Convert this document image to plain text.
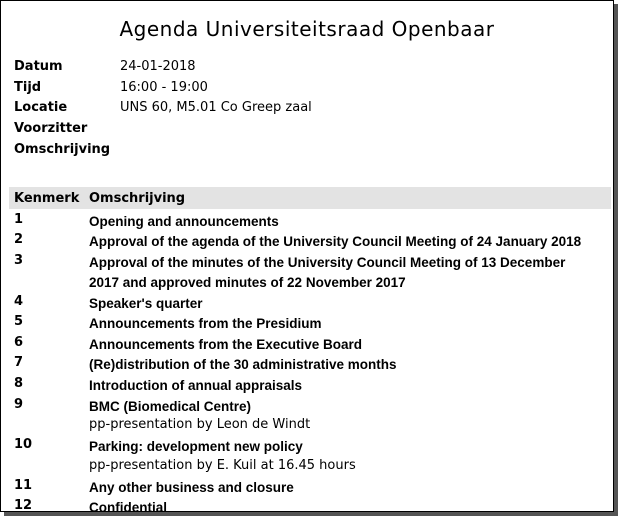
Agenda Universiteitsraad Openbaar
Datum	24-01-2018
Tijd	16:00 - 19:00
Locatie	UNS 60, M5.01 Co Greep zaal
Voorzitter
Omschrijving
Kenmerk Omschrijving
1	Opening and announcements
2	Approval of the agenda of the University Council Meeting of 24 January 2018
3	Approval of the minutes of the University Council Meeting of 13 December 2017 and approved minutes of 22 November 2017
4	Speaker's quarter
5	Announcements from the Presidium
6	Announcements from the Executive Board
7	(Re)distribution of the 30 administrative months
8	Introduction of annual appraisals
9	BMC (Biomedical Centre)
pp-presentation by Leon de Windt
10	Parking: development new policy
pp-presentation by E. Kuil at 16.45 hours
11	Any other business and closure
12	Confidential
